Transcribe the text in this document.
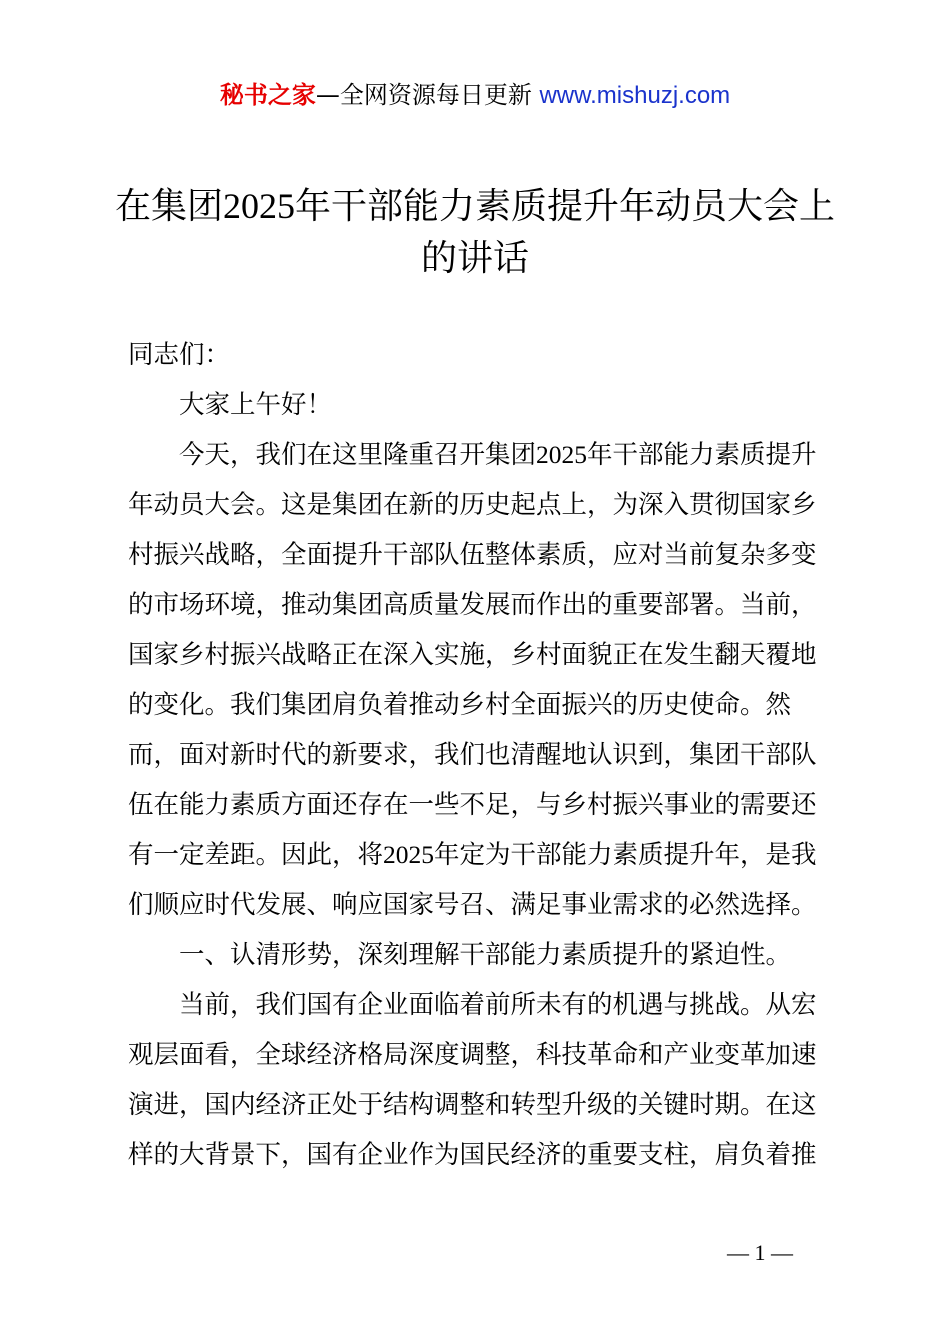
秘书之家—全网资源每日更新 www.mishuzj.com
在集团2025年干部能力素质提升年动员大会上的讲话

同志们：

大家上午好！

今天，我们在这里隆重召开集团2025年干部能力素质提升年动员大会。这是集团在新的历史起点上，为深入贯彻国家乡村振兴战略，全面提升干部队伍整体素质，应对当前复杂多变的市场环境，推动集团高质量发展而作出的重要部署。当前，国家乡村振兴战略正在深入实施，乡村面貌正在发生翻天覆地的变化。我们集团肩负着推动乡村全面振兴的历史使命。然而，面对新时代的新要求，我们也清醒地认识到，集团干部队伍在能力素质方面还存在一些不足，与乡村振兴事业的需要还有一定差距。因此，将2025年定为干部能力素质提升年，是我们顺应时代发展、响应国家号召、满足事业需求的必然选择。

一、认清形势，深刻理解干部能力素质提升的紧迫性。

当前，我们国有企业面临着前所未有的机遇与挑战。从宏观层面看，全球经济格局深度调整，科技革命和产业变革加速演进，国内经济正处于结构调整和转型升级的关键时期。在这样的大背景下，国有企业作为国民经济的重要支柱，肩负着推

— 1 —
